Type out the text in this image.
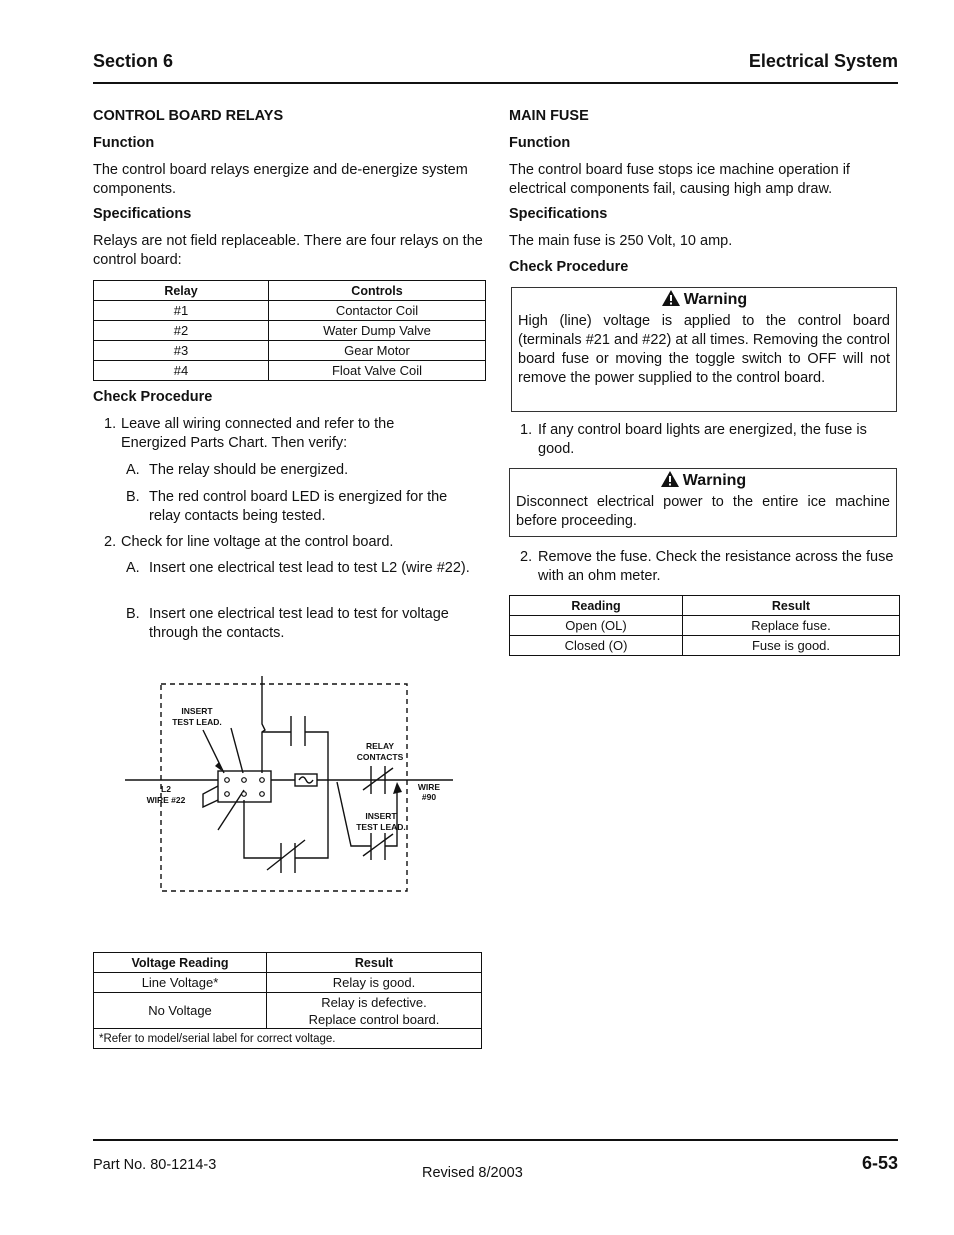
Section 6	Electrical System
CONTROL BOARD RELAYS
Function
The control board relays energize and de-energize system components.
Specifications
Relays are not field replaceable. There are four relays on the control board:
Relay	Controls
#1	Contactor Coil
#2	Water Dump Valve
#3	Gear Motor
#4	Float Valve Coil
Check Procedure
1. Leave all wiring connected and refer to the Energized Parts Chart. Then verify:
A. The relay should be energized.
B. The red control board LED is energized for the relay contacts being tested.
2. Check for line voltage at the control board.
A. Insert one electrical test lead to test L2 (wire #22).
B. Insert one electrical test lead to test for voltage through the contacts.
INSERT
TEST LEAD.
L2
WIRE #22
RELAY
CONTACTS
WIRE
#90
INSERT
TEST LEAD.
Voltage Reading	Result
Line Voltage*	Relay is good.
No Voltage	Relay is defective.
Replace control board.

*Refer to model/serial label for correct voltage.	
MAIN FUSE
Function
The control board fuse stops ice machine operation if electrical components fail, causing high amp draw.
Specifications
The main fuse is 250 Volt, 10 amp.
Check Procedure
Warning
High (line) voltage is applied to the control board (terminals #21 and #22) at all times. Removing the control board fuse or moving the toggle switch to OFF will not remove the power supplied to the control board.
1. If any control board lights are energized, the fuse is good.
Warning
Disconnect electrical power to the entire ice machine before proceeding.
2. Remove the fuse. Check the resistance across the fuse with an ohm meter.
Reading	Result
Open (OL)	Replace fuse.
Closed (O)	Fuse is good.
Part No. 80-1214-3	Revised 8/2003	6-53
